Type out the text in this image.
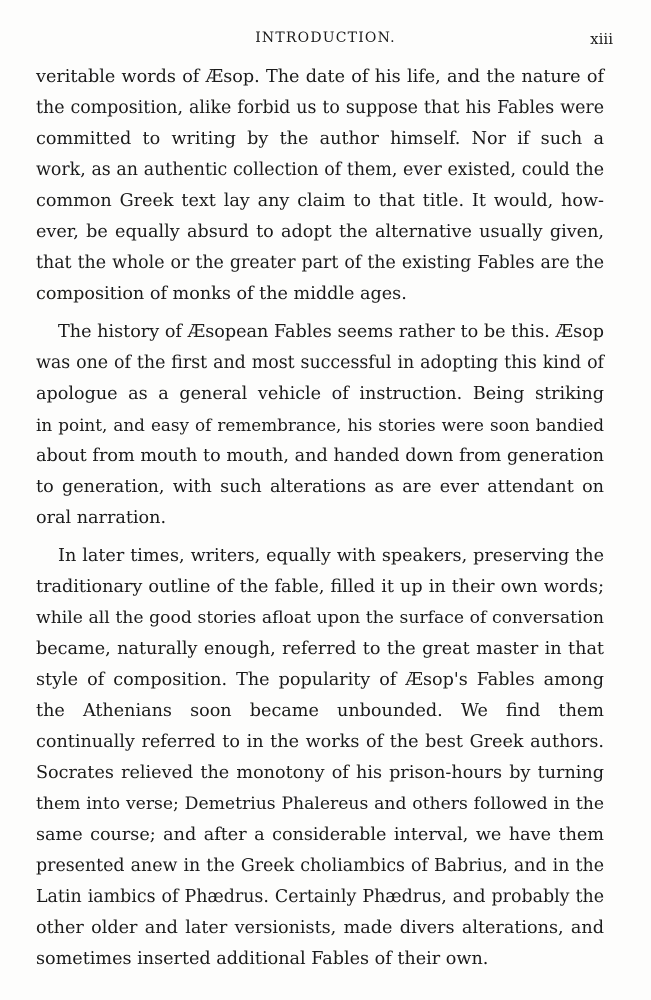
INTRODUCTION.	xiii
veritable words of Æsop. The date of his life, and the nature of
the composition, alike forbid us to suppose that his Fables were
committed to writing by the author himself. Nor if such a
work, as an authentic collection of them, ever existed, could the
common Greek text lay any claim to that title. It would, how-
ever, be equally absurd to adopt the alternative usually given,
that the whole or the greater part of the existing Fables are the
composition of monks of the middle ages.
The history of Æsopean Fables seems rather to be this. Æsop
was one of the first and most successful in adopting this kind of
apologue as a general vehicle of instruction. Being striking
in point, and easy of remembrance, his stories were soon bandied
about from mouth to mouth, and handed down from generation
to generation, with such alterations as are ever attendant on
oral narration.
In later times, writers, equally with speakers, preserving the
traditionary outline of the fable, filled it up in their own words;
while all the good stories afloat upon the surface of conversation
became, naturally enough, referred to the great master in that
style of composition. The popularity of Æsop's Fables among
the Athenians soon became unbounded. We find them
continually referred to in the works of the best Greek authors.
Socrates relieved the monotony of his prison-hours by turning
them into verse; Demetrius Phalereus and others followed in the
same course; and after a considerable interval, we have them
presented anew in the Greek choliambics of Babrius, and in the
Latin iambics of Phædrus. Certainly Phædrus, and probably the
other older and later versionists, made divers alterations, and
sometimes inserted additional Fables of their own.
